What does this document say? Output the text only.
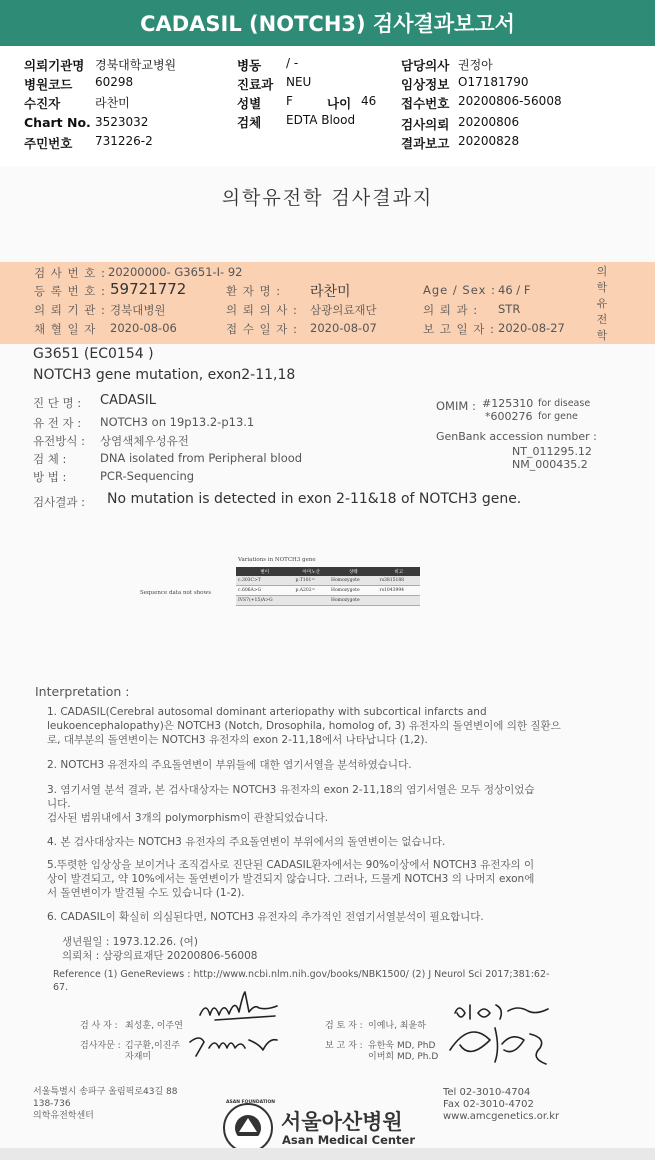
CADASIL (NOTCH3) 검사결과보고서
의뢰기관명 경북대학교병원
병원코드 60298
수진자	라찬미
Chart No. 3523032
주민번호 731226-2
병동 / -
진료과 NEU
성별 F	나이 46
검체 EDTA Blood
담당의사 권정아
임상정보 O17181790
접수번호 20200806-56008
검사의뢰 20200806
결과보고 20200828
의학유전학 검사결과지
검 사 번 호 : 20200000- G3651-I- 92
등 록 번 호 : 59721772	환 자 명 : 라찬미	Age / Sex : 46 / F
의 뢰 기 관 : 경북대병원	의 뢰 의 사 : 삼광의료재단	의 뢰 과 : STR
채 혈 일 자 2020-08-06	접 수 일 자 : 2020-08-07	보 고 일 자 : 2020-08-27
의
학
유
전
학
G3651 (EC0154 )
NOTCH3 gene mutation, exon2-11,18
진 단 명 : CADASIL
유 전 자 : NOTCH3 on 19p13.2-p13.1
유전방식 : 상염색체우성유전
검 체 :	DNA isolated from Peripheral blood
방 법 :	PCR-Sequencing
OMIM : #125310 for disease
*600276 for gene
GenBank accession number :
NT_011295.12
NM_000435.2
검사결과 : No mutation is detected in exon 2-11&18 of NOTCH3 gene.
Variations in NOTCH3 gene
Sequence data not shows
변이	아미노산	상태	비고
c.303C>T	p.T101=	Homozygote	rs3815188
c.606A>G	p.A202=	Homozygote	rs1043994
IVS7(+15)A>G		Homozygote	
Interpretation :
1. CADASIL(Cerebral autosomal dominant arteriopathy with subcortical infarcts and
leukoencephalopathy)은 NOTCH3 (Notch, Drosophila, homolog of, 3) 유전자의 돌연변이에 의한 질환으
로, 대부분의 돌연변이는 NOTCH3 유전자의 exon 2-11,18에서 나타납니다 (1,2).
2. NOTCH3 유전자의 주요돌연변이 부위들에 대한 염기서열을 분석하였습니다.
3. 염기서열 분석 결과, 본 검사대상자는 NOTCH3 유전자의 exon 2-11,18의 염기서열은 모두 정상이었습
니다.
검사된 범위내에서 3개의 polymorphism이 관찰되었습니다.
4. 본 검사대상자는 NOTCH3 유전자의 주요돌연변이 부위에서의 돌연변이는 없습니다.
5.뚜렷한 임상상을 보이거나 조직검사로 진단된 CADASIL환자에서는 90%이상에서 NOTCH3 유전자의 이
상이 발견되고, 약 10%에서는 돌연변이가 발견되지 않습니다. 그러나, 드물게 NOTCH3 의 나머지 exon에
서 돌연변이가 발견될 수도 있습니다 (1-2).
6. CADASIL이 확실히 의심된다면, NOTCH3 유전자의 추가적인 전염기서열분석이 필요합니다.
생년월일 : 1973.12.26. (여)
의뢰처 : 삼광의료재단 20200806-56008
Reference (1) GeneReviews : http://www.ncbi.nlm.nih.gov/books/NBK1500/ (2) J Neurol Sci 2017;381:62-
67.
검 사 자 : 최성훈, 이주연	검 토 자 : 이예나, 최윤하
검사자문 : 김구환,이진주
자재미
보 고 자 : 유한욱 MD, PhD
이버희 MD, Ph.D
서울특별시 송파구 올림픽로43길 88
138-736
의학유전학센터
ASAN FOUNDATION
서울아산병원
Asan Medical Center
Tel 02-3010-4704
Fax 02-3010-4702
www.amcgenetics.or.kr
